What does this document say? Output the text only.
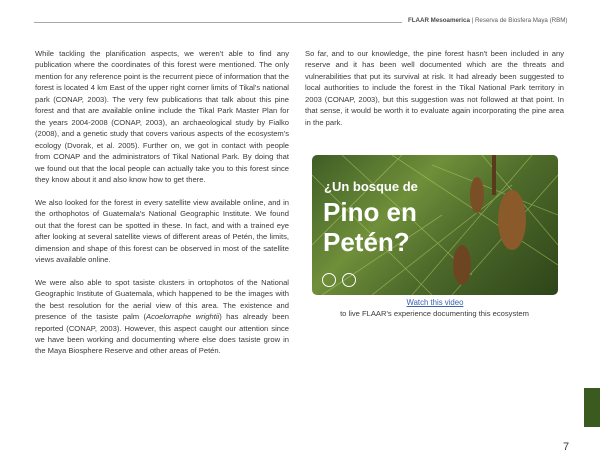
FLAAR Mesoamerica | Reserva de Biosfera Maya (RBM)

While tackling the planification aspects, we weren't able to find any publication where the coordinates of this forest were mentioned. The only mention for any reference point is the recurrent piece of information that the forest is located 4 km East of the upper right corner limits of Tikal's national park (CONAP, 2003). The very few publications that talk about this pine forest and that are available online include the Tikal Park Master Plan for the years 2004-2008 (CONAP, 2003), an archaeological study by Fialko (2008), and a genetic study that covers various aspects of the ecosystem's ecology (Dvorak, et al. 2005). Further on, we got in contact with people from CONAP and the administrators of Tikal National Park. By doing that we found out that the local people can actually take you to this forest since they know about it and also know how to get there.

We also looked for the forest in every satellite view available online, and in the orthophotos of Guatemala's National Geographic Institute. We found out that the forest can be spotted in these. In fact, and with a trained eye after looking at several satellite views of different areas of Petén, the limits, dimension and shape of this forest can be observed in most of the satellite views available online.

We were also able to spot tasiste clusters in ortophotos of the National Geographic Institute of Guatemala, which happened to be the images with the best resolution for the aerial view of this area. The existence and presence of the tasiste palm (Acoelorraphe wrightii) has already been reported (CONAP, 2003). However, this aspect caught our attention since we have been working and documenting where else does tasiste grow in the Maya Biosphere Reserve and other areas of Petén.

So far, and to our knowledge, the pine forest hasn't been included in any reserve and it has been well documented which are the threats and vulnerabilities that put its survival at risk. It had already been suggested to local authorities to include the forest in the Tikal National Park territory in 2003 (CONAP, 2003), but this suggestion was not followed at that point. In that sense, it would be worth it to evaluate again incorporating the pine area in the park.

¿Un bosque de
Pino en
Petén?
Watch this video
to live FLAAR's experience documenting this ecosystem
7
